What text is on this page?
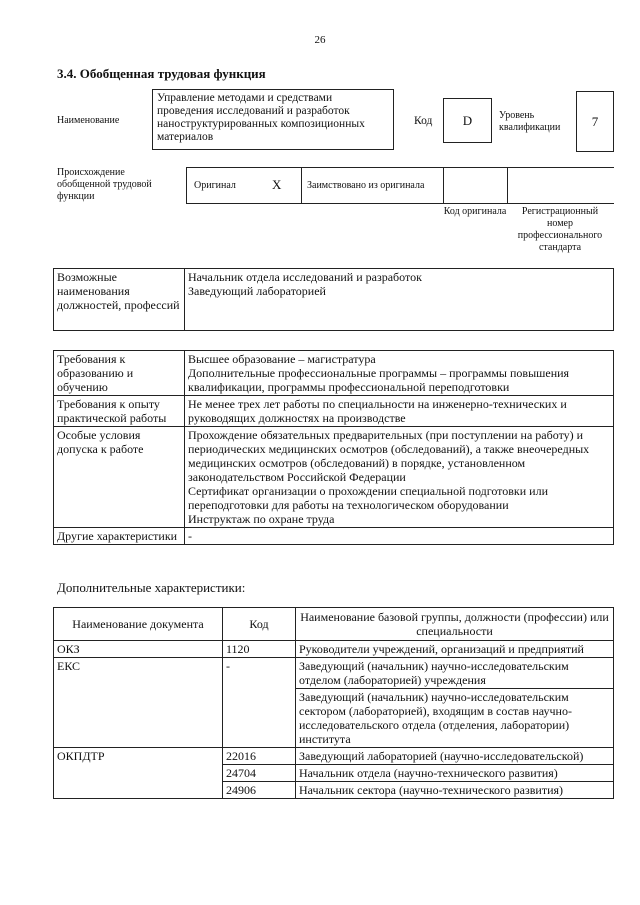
26
3.4. Обобщенная трудовая функция
Наименование
Управление методами и средствами проведения исследований и разработок наноструктурированных композиционных материалов
Код	D	Уровень квалификации	7
Происхождение обобщенной трудовой функции
Оригинал	X	Заимствовано из оригинала
Код оригинала	Регистрационный номер профессионального стандарта
Возможные наименования должностей, профессий	
Начальник отдела исследований и разработок
Заведующий лабораторией
Требования к образованию и обучению	Высшее образование – магистратура
Дополнительные профессиональные программы – программы повышения квалификации, программы профессиональной переподготовки

Требования к опыту практической работы	Не менее трех лет работы по специальности на инженерно-технических и руководящих должностях на производстве

Особые условия допуска к работе	Прохождение обязательных предварительных (при поступлении на работу) и периодических медицинских осмотров (обследований), а также внеочередных медицинских осмотров (обследований) в порядке, установленном законодательством Российской Федерации
Сертификат организации о прохождении специальной подготовки или переподготовки для работы на технологическом оборудовании
Инструктаж по охране труда

Другие характеристики	-
Дополнительные характеристики:
Наименование документа	Код	Наименование базовой группы, должности (профессии) или специальности
ОКЗ	1120	Руководители учреждений, организаций и предприятий
ЕКС	-	Заведующий (начальник) научно-исследовательским отделом (лабораторией) учреждения
		Заведующий (начальник) научно-исследовательским сектором (лабораторией), входящим в состав научно-исследовательского отдела (отделения, лаборатории) института
ОКПДТР	22016	Заведующий лабораторией (научно-исследовательской)
	24704	Начальник отдела (научно-технического развития)
	24906	Начальник сектора (научно-технического развития)
